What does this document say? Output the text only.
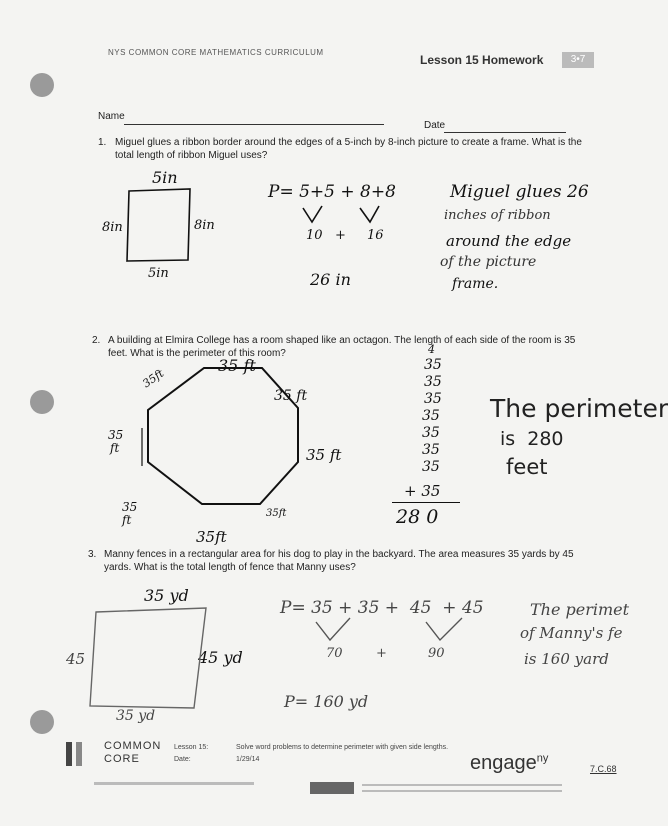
NYS COMMON CORE MATHEMATICS CURRICULUM
Lesson 15 Homework	3•7
Name
Date
1. Miguel glues a ribbon border around the edges of a 5-inch by 8-inch picture to create a frame. What is the total length of ribbon Miguel uses?
5in
8in	8in
5in
P= 5+5 + 8+8
10 + 16
26 in
Miguel glues 26
inches of ribbon
around the edge
of the picture
frame.
2. A building at Elmira College has a room shaped like an octagon. The length of each side of the room is 35 feet. What is the perimeter of this room?
35 ft
35ft
35 ft
35
ft	35 ft
35
ft	35ft
35ft
4
35
35
35
35
35
35
35
+ 35
28 0
The perimeter
is  280
feet
3. Manny fences in a rectangular area for his dog to play in the backyard. The area measures 35 yards by 45 yards. What is the total length of fence that Manny uses?
35 yd
45	45 yd
35 yd
P= 35 + 35 +  45  + 45
70	+	90
P= 160 yd
The perimet
of Manny's fe
is 160 yard
COMMON
CORE
Lesson 15:
Date:
Solve word problems to determine perimeter with given side lengths.
1/29/14	engage$^{ny}$
7.C.68
